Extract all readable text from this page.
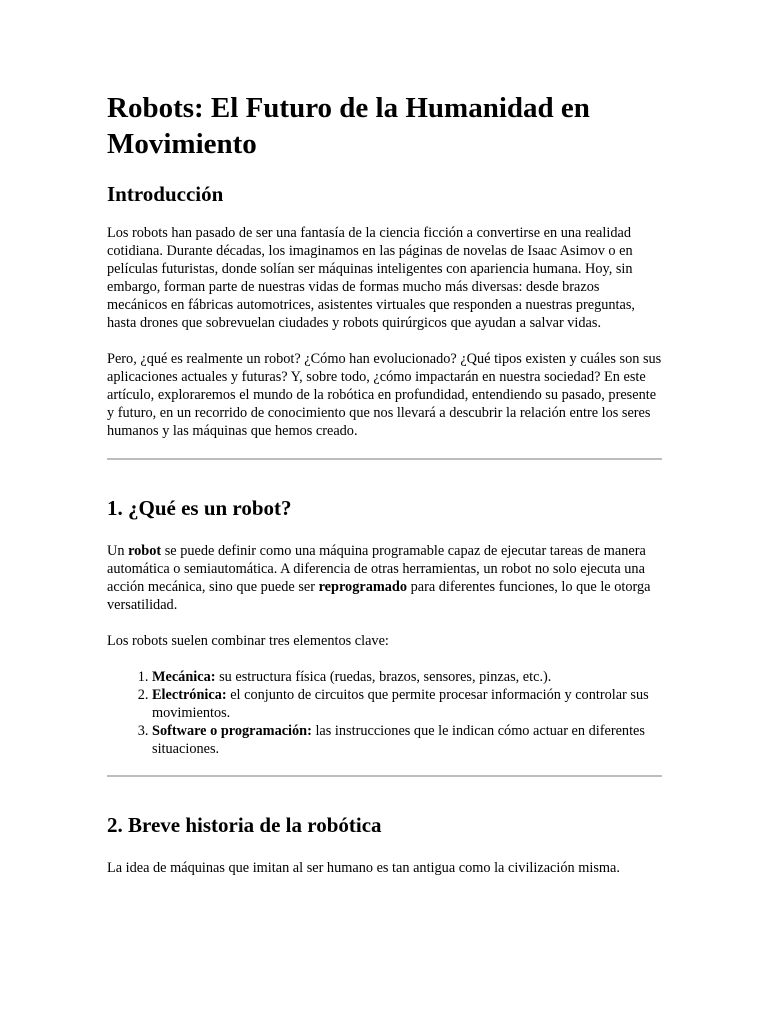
Robots: El Futuro de la Humanidad en Movimiento
Introducción

Los robots han pasado de ser una fantasía de la ciencia ficción a convertirse en una realidad cotidiana. Durante décadas, los imaginamos en las páginas de novelas de Isaac Asimov o en películas futuristas, donde solían ser máquinas inteligentes con apariencia humana. Hoy, sin embargo, forman parte de nuestras vidas de formas mucho más diversas: desde brazos mecánicos en fábricas automotrices, asistentes virtuales que responden a nuestras preguntas, hasta drones que sobrevuelan ciudades y robots quirúrgicos que ayudan a salvar vidas.

Pero, ¿qué es realmente un robot? ¿Cómo han evolucionado? ¿Qué tipos existen y cuáles son sus aplicaciones actuales y futuras? Y, sobre todo, ¿cómo impactarán en nuestra sociedad? En este artículo, exploraremos el mundo de la robótica en profundidad, entendiendo su pasado, presente y futuro, en un recorrido de conocimiento que nos llevará a descubrir la relación entre los seres humanos y las máquinas que hemos creado.

1. ¿Qué es un robot?

Un robot se puede definir como una máquina programable capaz de ejecutar tareas de manera automática o semiautomática. A diferencia de otras herramientas, un robot no solo ejecuta una acción mecánica, sino que puede ser reprogramado para diferentes funciones, lo que le otorga versatilidad.

Los robots suelen combinar tres elementos clave:

1. Mecánica: su estructura física (ruedas, brazos, sensores, pinzas, etc.).
2. Electrónica: el conjunto de circuitos que permite procesar información y controlar sus movimientos.
3. Software o programación: las instrucciones que le indican cómo actuar en diferentes situaciones.
2. Breve historia de la robótica

La idea de máquinas que imitan al ser humano es tan antigua como la civilización misma.
